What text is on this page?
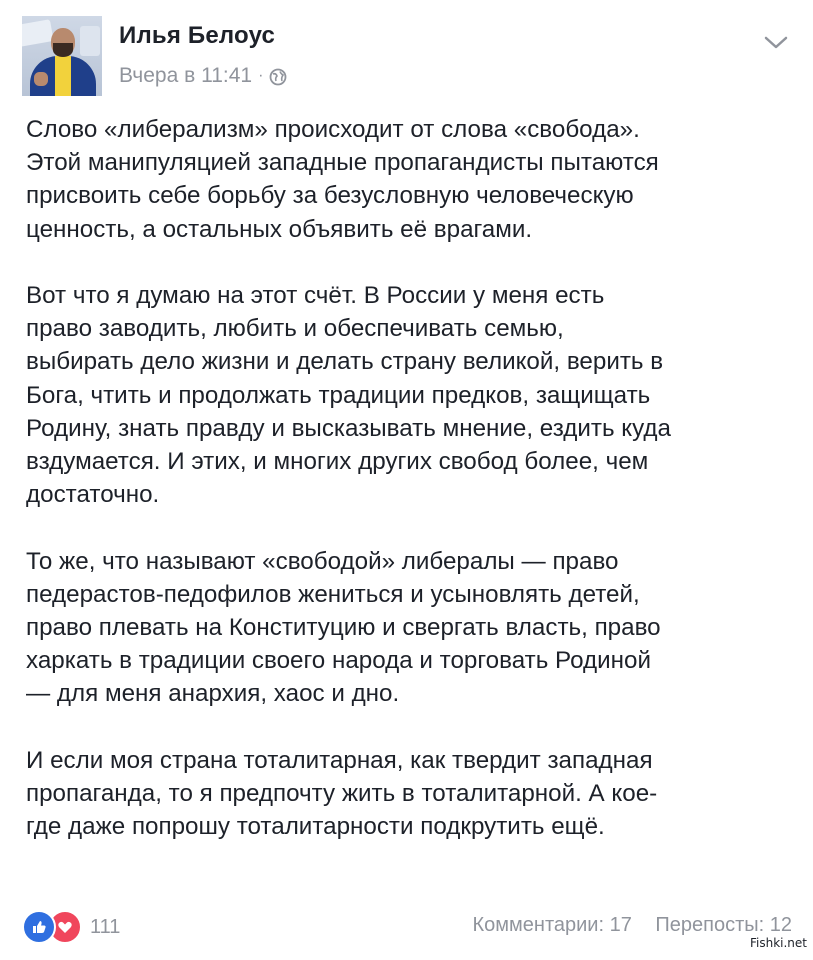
Илья Белоус
Вчера в 11:41 ·

Слово «либерализм» происходит от слова «свобода».
Этой манипуляцией западные пропагандисты пытаются
присвоить себе борьбу за безусловную человеческую
ценность, а остальных объявить её врагами.

Вот что я думаю на этот счёт. В России у меня есть
право заводить, любить и обеспечивать семью,
выбирать дело жизни и делать страну великой, верить в
Бога, чтить и продолжать традиции предков, защищать
Родину, знать правду и высказывать мнение, ездить куда
вздумается. И этих, и многих других свобод более, чем
достаточно.

То же, что называют «свободой» либералы — право
педерастов-педофилов жениться и усыновлять детей,
право плевать на Конституцию и свергать власть, право
харкать в традиции своего народа и торговать Родиной
— для меня анархия, хаос и дно.

И если моя страна тоталитарная, как твердит западная
пропаганда, то я предпочту жить в тоталитарной. А кое-
где даже попрошу тоталитарности подкрутить ещё.

111	Комментарии: 17 Перепосты: 12
Fishki.net
